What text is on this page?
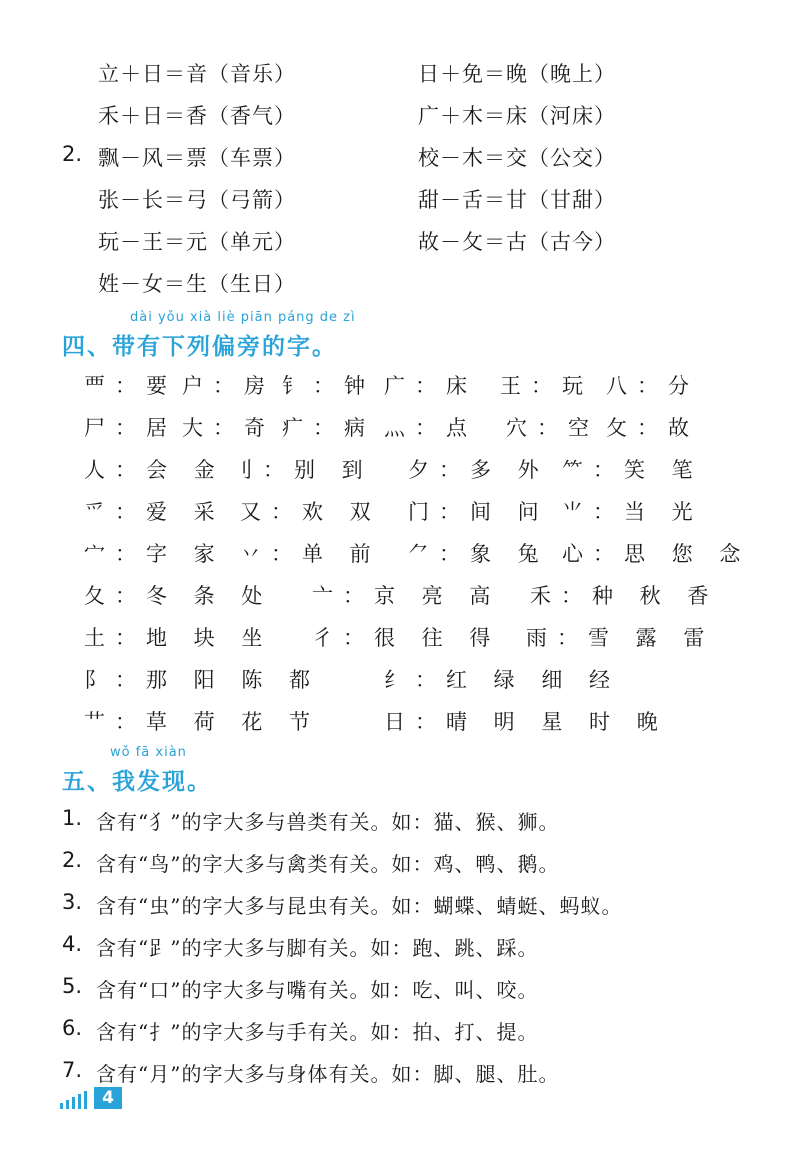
立＋日＝音（音乐）	日＋免＝晚（晚上）
禾＋日＝香（香气）	广＋木＝床（河床）
2. 飘－风＝票（车票）	校－木＝交（公交）
张－长＝弓（弓箭）	甜－舌＝甘（甘甜）
玩－王＝元（单元）	故－攵＝古（古今）
姓－女＝生（生日）
dài yǒu xià liè piān páng de zì
四、带有下列偏旁的字。
覀：要 户：房 钅：钟 广：床 王：玩 八：分
尸：居 大：奇 疒：病 灬：点 穴：空 攵：故
人：会 金 刂：别 到 夕：多 外 ⺮：笑 笔
爫：爱 采 又：欢 双 门：间 问 ⺌：当 光
宀：字 家 丷：单 前 ⺈：象 兔 心：思 您 念
夂：冬 条 处 亠：京 亮 高 禾：种 秋 香
土：地 块 坐 彳：很 往 得 雨：雪 露 雷
阝：那 阳 陈 都	纟：红 绿 细 经
艹：草 荷 花 节	日：晴 明 星 时 晚
wǒ fā xiàn
五、我发现。
1. 含有“犭”的字大多与兽类有关。如：猫、猴、狮。
2. 含有“鸟”的字大多与禽类有关。如：鸡、鸭、鹅。
3. 含有“虫”的字大多与昆虫有关。如：蝴蝶、蜻蜓、蚂蚁。
4. 含有“𧾷”的字大多与脚有关。如：跑、跳、踩。
5. 含有“口”的字大多与嘴有关。如：吃、叫、咬。
6. 含有“扌”的字大多与手有关。如：拍、打、提。
7. 含有“月”的字大多与身体有关。如：脚、腿、肚。
4
